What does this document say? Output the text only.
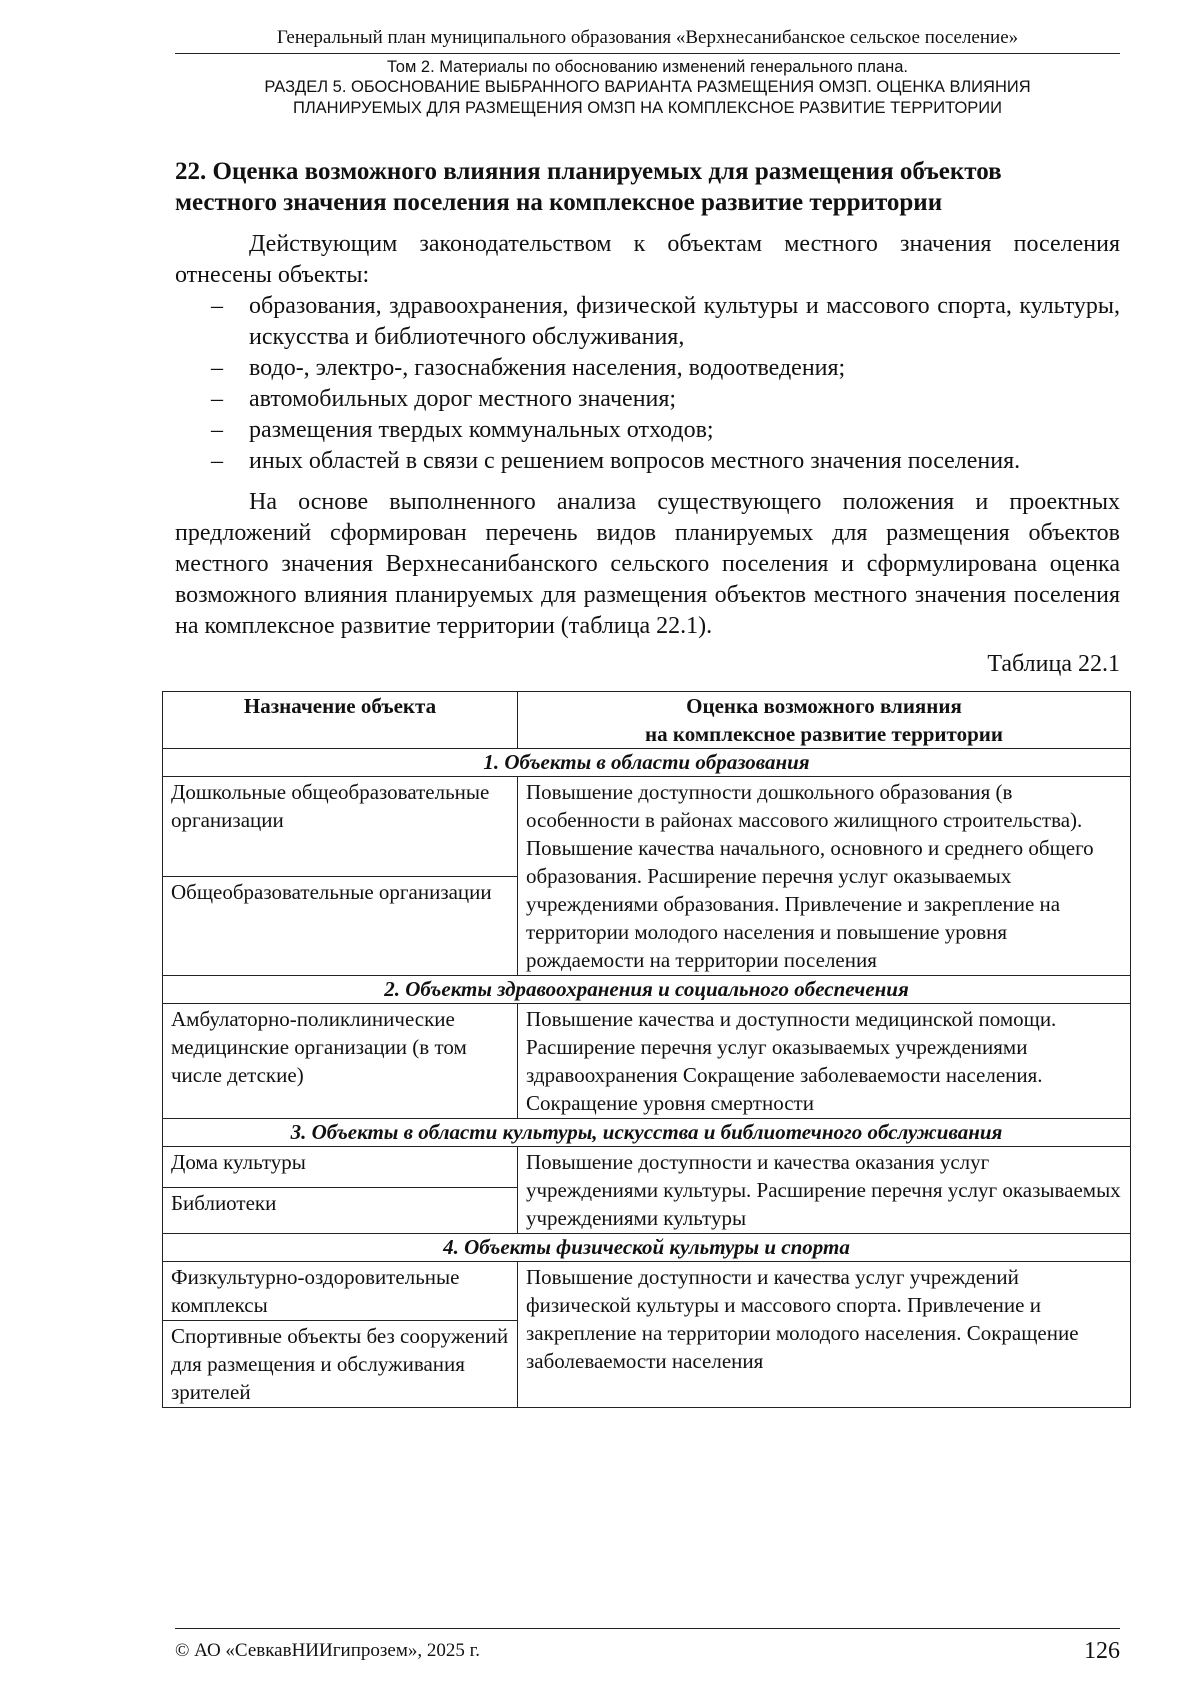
Генеральный план муниципального образования «Верхнесанибанское сельское поселение»
Том 2. Материалы по обоснованию изменений генерального плана.
РАЗДЕЛ 5. ОБОСНОВАНИЕ ВЫБРАННОГО ВАРИАНТА РАЗМЕЩЕНИЯ ОМЗП. ОЦЕНКА ВЛИЯНИЯ
ПЛАНИРУЕМЫХ ДЛЯ РАЗМЕЩЕНИЯ ОМЗП НА КОМПЛЕКСНОЕ РАЗВИТИЕ ТЕРРИТОРИИ
22. Оценка возможного влияния планируемых для размещения объектов
местного значения поселения на комплексное развитие территории

Действующим законодательством к объектам местного значения поселения отнесены объекты:

– образования, здравоохранения, физической культуры и массового спорта, культуры, искусства и библиотечного обслуживания,
– водо-, электро-, газоснабжения населения, водоотведения;
– автомобильных дорог местного значения;
– размещения твердых коммунальных отходов;
– иных областей в связи с решением вопросов местного значения поселения.

На основе выполненного анализа существующего положения и проектных предложений сформирован перечень видов планируемых для размещения объектов местного значения Верхнесанибанского сельского поселения и сформулирована оценка возможного влияния планируемых для размещения объектов местного значения поселения на комплексное развитие территории (таблица 22.1).

Таблица 22.1
Назначение объекта	Оценка возможного влияния
на комплексное развитие территории

1. Объекты в области образования	
Дошкольные общеобразовательные организации	Повышение доступности дошкольного образования (в особенности в районах массового жилищного строительства). Повышение качества начального, основного и среднего общего образования. Расширение перечня услуг оказываемых учреждениями образования. Привлечение и закрепление на территории молодого населения и повышение уровня рождаемости на территории поселения
Общеобразовательные организации	
2. Объекты здравоохранения и социального обеспечения	
Амбулаторно-поликлинические медицинские организации (в том числе детские)	Повышение качества и доступности медицинской помощи. Расширение перечня услуг оказываемых учреждениями здравоохранения Сокращение заболеваемости населения. Сокращение уровня смертности
3. Объекты в области культуры, искусства и библиотечного обслуживания	
Дома культуры	Повышение доступности и качества оказания услуг учреждениями культуры. Расширение перечня услуг оказываемых учреждениями культуры
Библиотеки	
4. Объекты физической культуры и спорта	
Физкультурно-оздоровительные комплексы	Повышение доступности и качества услуг учреждений физической культуры и массового спорта. Привлечение и закрепление на территории молодого населения. Сокращение заболеваемости населения
Спортивные объекты без сооружений для размещения и обслуживания зрителей	
© АО «СевкавНИИгипрозем», 2025 г.	126
